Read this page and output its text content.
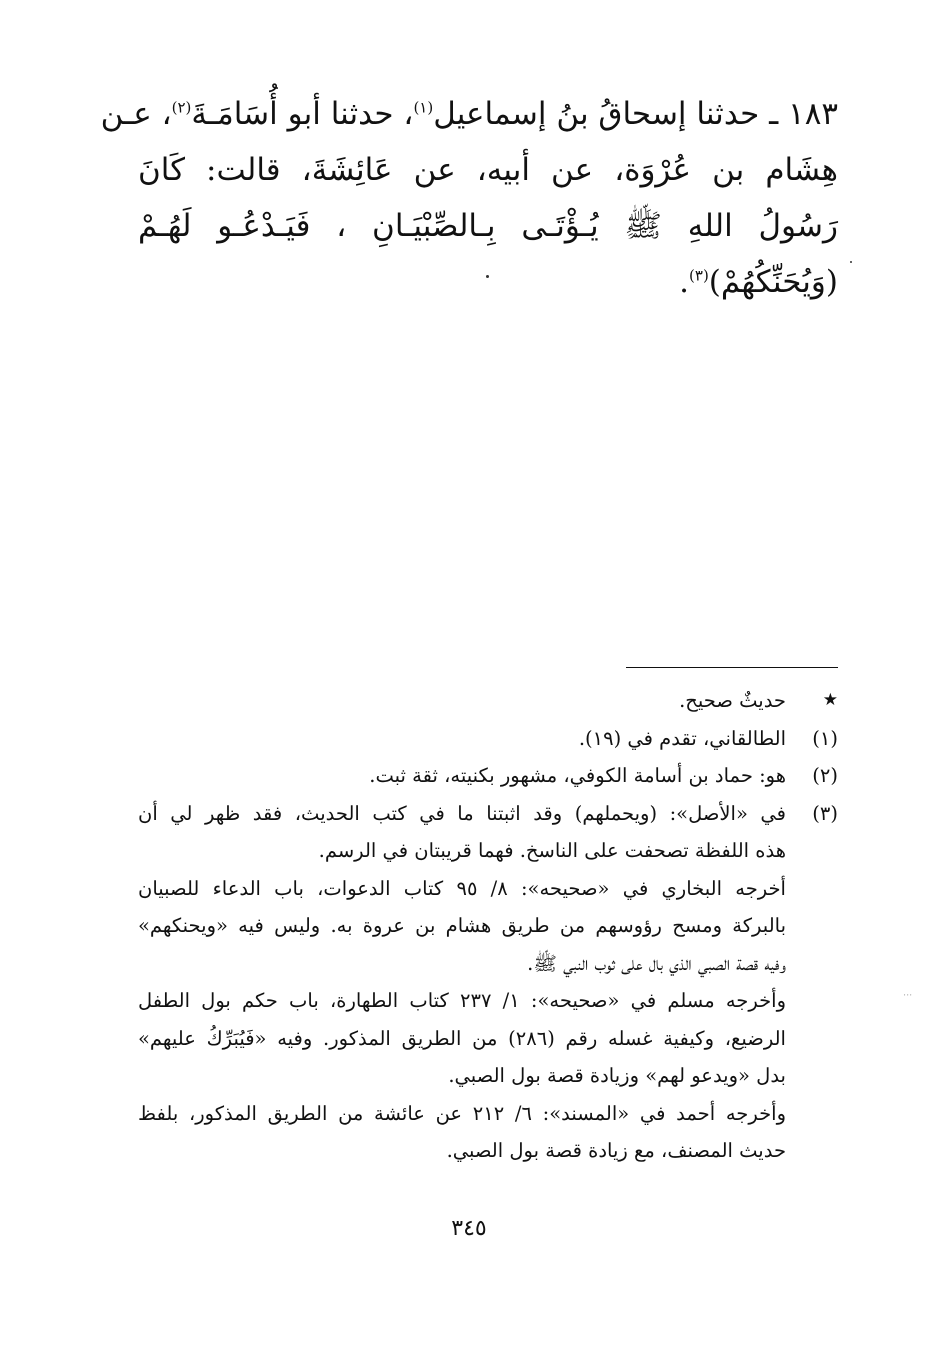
١٨٣ ـ حدثنا إسحاقُ بنُ إسماعيل$^{(١)}$، حدثنا أبو أُسَامَـةَ$^{(٢)}$، عـن
هِشَام بن عُرْوَة، عن أبيه، عن عَائِشَةَ، قالت: كَانَ
رَسُولُ اللهِ ﷺ يُـؤْتَـى بِـالصِّبْيَـانِ ، فَيَـدْعُـو لَهُـمْ
(وَيُحَنِّكُهُمْ)$^{(٣)}$.
★
حديثٌ صحيح.
(١)
الطالقاني، تقدم في (١٩).
(٢)
هو: حماد بن أسامة الكوفي، مشهور بكنيته، ثقة ثبت.
(٣)
في «الأصل»: (ويحملهم) وقد اثبتنا ما في كتب الحديث، فقد ظهر لي أن
هذه اللفظة تصحفت على الناسخ. فهما قريبتان في الرسم.
أخرجه البخاري في «صحيحه»: ٨/ ٩٥ كتاب الدعوات، باب الدعاء للصبيان
بالبركة ومسح رؤوسهم من طريق هشام بن عروة به. وليس فيه «ويحنكهم»
وفيه قصة الصبي الذي بال على ثوب النبي ﷺ.
وأخرجه مسلم في «صحيحه»: ١/ ٢٣٧ كتاب الطهارة، باب حكم بول الطفل
الرضيع، وكيفية غسله رقم (٢٨٦) من الطريق المذكور. وفيه «فَيُبَرِّكُ عليهم»
بدل «ويدعو لهم» وزيادة قصة بول الصبي.
وأخرجه أحمد في «المسند»: ٦/ ٢١٢ عن عائشة من الطريق المذكور، بلفظ
حديث المصنف، مع زيادة قصة بول الصبي.
⋅⋅⋅
٣٤٥
